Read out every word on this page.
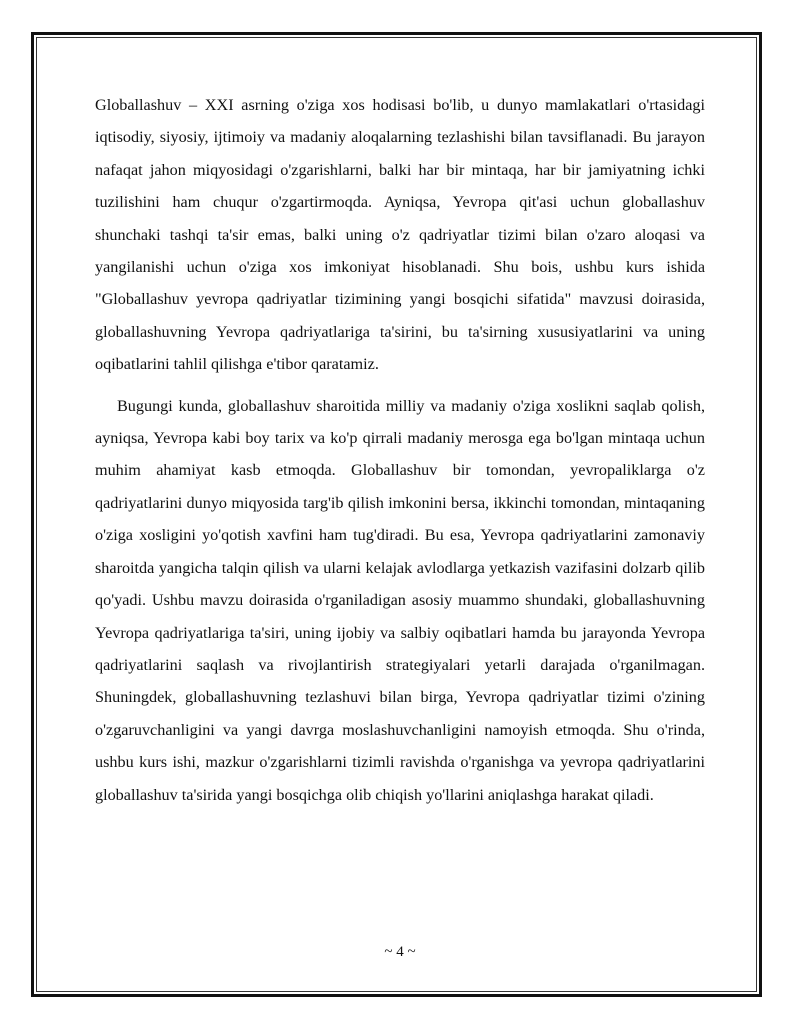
Globallashuv – XXI asrning o'ziga xos hodisasi bo'lib, u dunyo mamlakatlari o'rtasidagi iqtisodiy, siyosiy, ijtimoiy va madaniy aloqalarning tezlashishi bilan tavsiflanadi. Bu jarayon nafaqat jahon miqyosidagi o'zgarishlarni, balki har bir mintaqa, har bir jamiyatning ichki tuzilishini ham chuqur o'zgartirmoqda. Ayniqsa, Yevropa qit'asi uchun globallashuv shunchaki tashqi ta'sir emas, balki uning o'z qadriyatlar tizimi bilan o'zaro aloqasi va yangilanishi uchun o'ziga xos imkoniyat hisoblanadi. Shu bois, ushbu kurs ishida "Globallashuv yevropa qadriyatlar tizimining yangi bosqichi sifatida" mavzusi doirasida, globallashuvning Yevropa qadriyatlariga ta'sirini, bu ta'sirning xususiyatlarini va uning oqibatlarini tahlil qilishga e'tibor qaratamiz.

Bugungi kunda, globallashuv sharoitida milliy va madaniy o'ziga xoslikni saqlab qolish, ayniqsa, Yevropa kabi boy tarix va ko'p qirrali madaniy merosga ega bo'lgan mintaqa uchun muhim ahamiyat kasb etmoqda. Globallashuv bir tomondan, yevropaliklarga o'z qadriyatlarini dunyo miqyosida targ'ib qilish imkonini bersa, ikkinchi tomondan, mintaqaning o'ziga xosligini yo'qotish xavfini ham tug'diradi. Bu esa, Yevropa qadriyatlarini zamonaviy sharoitda yangicha talqin qilish va ularni kelajak avlodlarga yetkazish vazifasini dolzarb qilib qo'yadi. Ushbu mavzu doirasida o'rganiladigan asosiy muammo shundaki, globallashuvning Yevropa qadriyatlariga ta'siri, uning ijobiy va salbiy oqibatlari hamda bu jarayonda Yevropa qadriyatlarini saqlash va rivojlantirish strategiyalari yetarli darajada o'rganilmagan. Shuningdek, globallashuvning tezlashuvi bilan birga, Yevropa qadriyatlar tizimi o'zining o'zgaruvchanligini va yangi davrga moslashuvchanligini namoyish etmoqda. Shu o'rinda, ushbu kurs ishi, mazkur o'zgarishlarni tizimli ravishda o'rganishga va yevropa qadriyatlarini globallashuv ta'sirida yangi bosqichga olib chiqish yo'llarini aniqlashga harakat qiladi.

~ 4 ~
